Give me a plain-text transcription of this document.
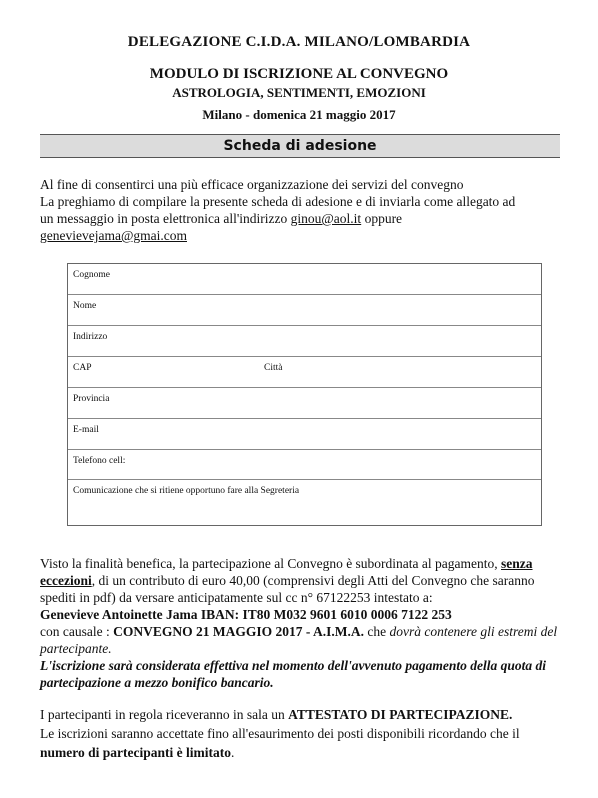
DELEGAZIONE C.I.D.A. MILANO/LOMBARDIA
MODULO DI ISCRIZIONE AL CONVEGNO
ASTROLOGIA, SENTIMENTI, EMOZIONI
Milano - domenica 21 maggio 2017
Scheda di adesione
Al fine di consentirci una più efficace organizzazione dei servizi del convegno
La preghiamo di compilare la presente scheda di adesione e di inviarla come allegato ad
un messaggio in posta elettronica all'indirizzo ginou@aol.it oppure
genevievejama@gmai.com
Cognome
Nome
Indirizzo
CAP	Città
Provincia
E-mail
Telefono cell:
Comunicazione che si ritiene opportuno fare alla Segreteria
Visto la finalità benefica, la partecipazione al Convegno è subordinata al pagamento, senza eccezioni, di un contributo di euro 40,00 (comprensivi degli Atti del Convegno che saranno spediti in pdf) da versare anticipatamente sul cc n° 67122253 intestato a:
Genevieve Antoinette Jama IBAN: IT80 M032 9601 6010 0006 7122 253
con causale : CONVEGNO 21 MAGGIO 2017 - A.I.M.A. che dovrà contenere gli estremi del partecipante.
L'iscrizione sarà considerata effettiva nel momento dell'avvenuto pagamento della quota di partecipazione a mezzo bonifico bancario.
I partecipanti in regola riceveranno in sala un ATTESTATO DI PARTECIPAZIONE.
Le iscrizioni saranno accettate fino all'esaurimento dei posti disponibili ricordando che il
numero di partecipanti è limitato.
